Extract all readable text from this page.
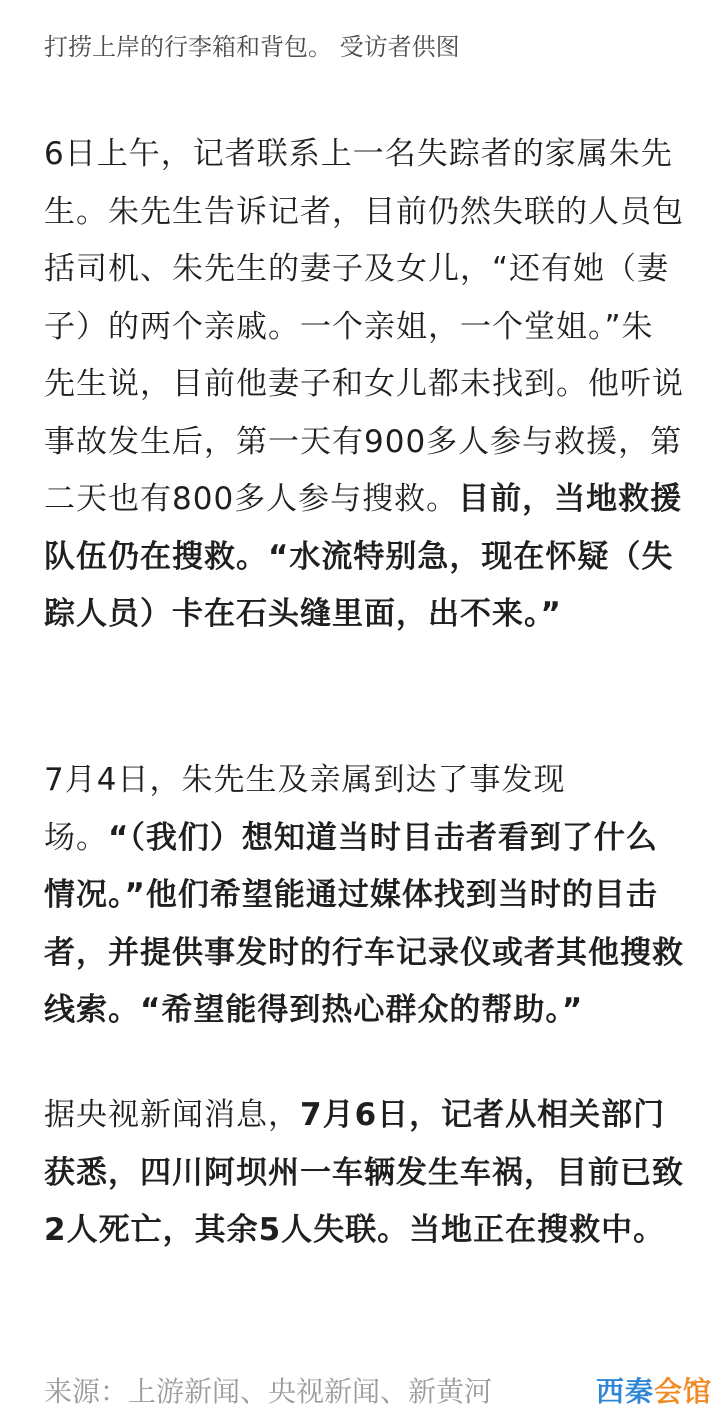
打捞上岸的行李箱和背包。 受访者供图

6日上午，记者联系上一名失踪者的家属朱先生。朱先生告诉记者，目前仍然失联的人员包括司机、朱先生的妻子及女儿，“还有她（妻子）的两个亲戚。一个亲姐，一个堂姐。”朱先生说，目前他妻子和女儿都未找到。他听说事故发生后，第一天有900多人参与救援，第二天也有800多人参与搜救。目前，当地救援队伍仍在搜救。“水流特别急，现在怀疑（失踪人员）卡在石头缝里面，出不来。”

7月4日，朱先生及亲属到达了事发现场。“（我们）想知道当时目击者看到了什么情况。”他们希望能通过媒体找到当时的目击者，并提供事发时的行车记录仪或者其他搜救线索。“希望能得到热心群众的帮助。”

据央视新闻消息，7月6日，记者从相关部门获悉，四川阿坝州一车辆发生车祸，目前已致2人死亡，其余5人失联。当地正在搜救中。

来源：上游新闻、央视新闻、新黄河	西秦会馆
